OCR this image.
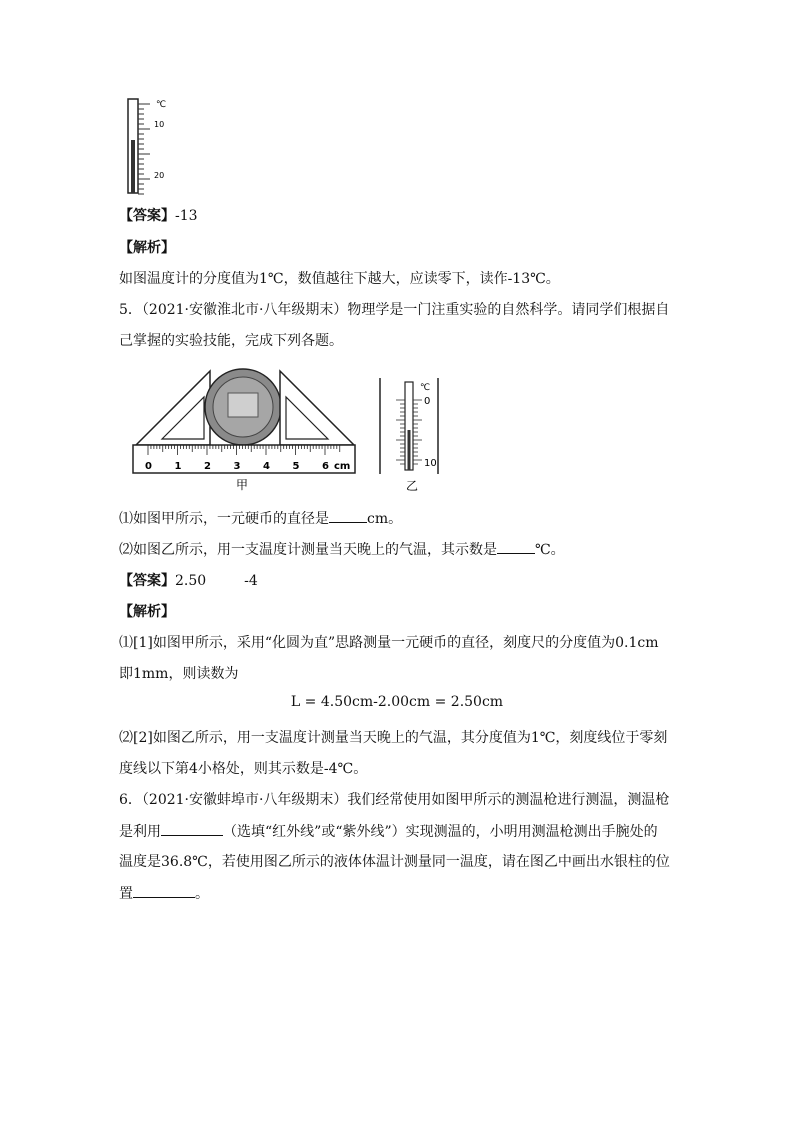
℃
10
20
【答案】-13
【解析】
如图温度计的分度值为1℃，数值越往下越大，应读零下，读作-13℃。
5．（2021·安徽淮北市·八年级期末）物理学是一门注重实验的自然科学。请同学们根据自
己掌握的实验技能，完成下列各题。
0 1 2 3 4 5 6 cm
甲
℃
0
10
乙
⑴如图甲所示，一元硬币的直径是	cm。
⑵如图乙所示，用一支温度计测量当天晚上的气温，其示数是	℃。
【答案】2.50	-4
【解析】
⑴[1]如图甲所示，采用“化圆为直”思路测量一元硬币的直径，刻度尺的分度值为0.1cm
即1mm，则读数为
L = 4.50cm-2.00cm = 2.50cm
⑵[2]如图乙所示，用一支温度计测量当天晚上的气温，其分度值为1℃，刻度线位于零刻
度线以下第4小格处，则其示数是-4℃。
6．（2021·安徽蚌埠市·八年级期末）我们经常使用如图甲所示的测温枪进行测温，测温枪
是利用	（选填“红外线”或“紫外线”）实现测温的，小明用测温枪测出手腕处的
温度是36.8℃，若使用图乙所示的液体体温计测量同一温度，请在图乙中画出水银柱的位
置	。
